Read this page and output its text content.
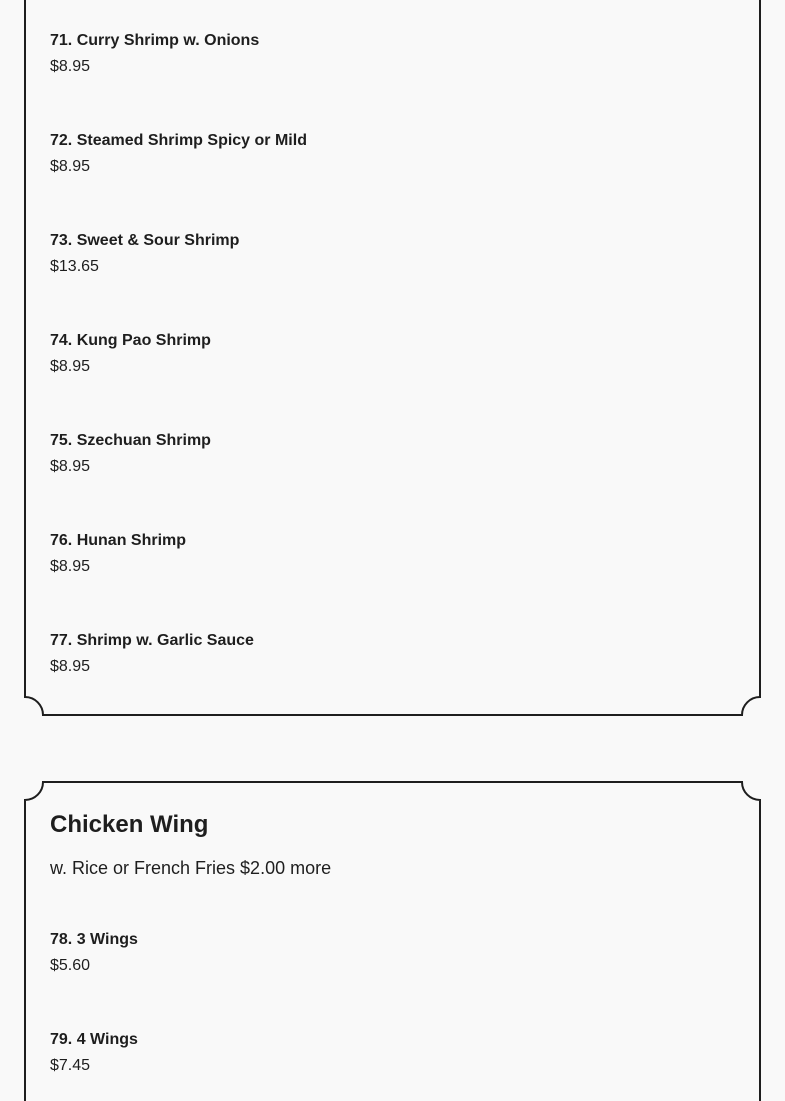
71. Curry Shrimp w. Onions
$8.95
72. Steamed Shrimp Spicy or Mild
$8.95
73. Sweet & Sour Shrimp
$13.65
74. Kung Pao Shrimp
$8.95
75. Szechuan Shrimp
$8.95
76. Hunan Shrimp
$8.95
77. Shrimp w. Garlic Sauce
$8.95
Chicken Wing

w. Rice or French Fries $2.00 more

78. 3 Wings
$5.60
79. 4 Wings
$7.45
